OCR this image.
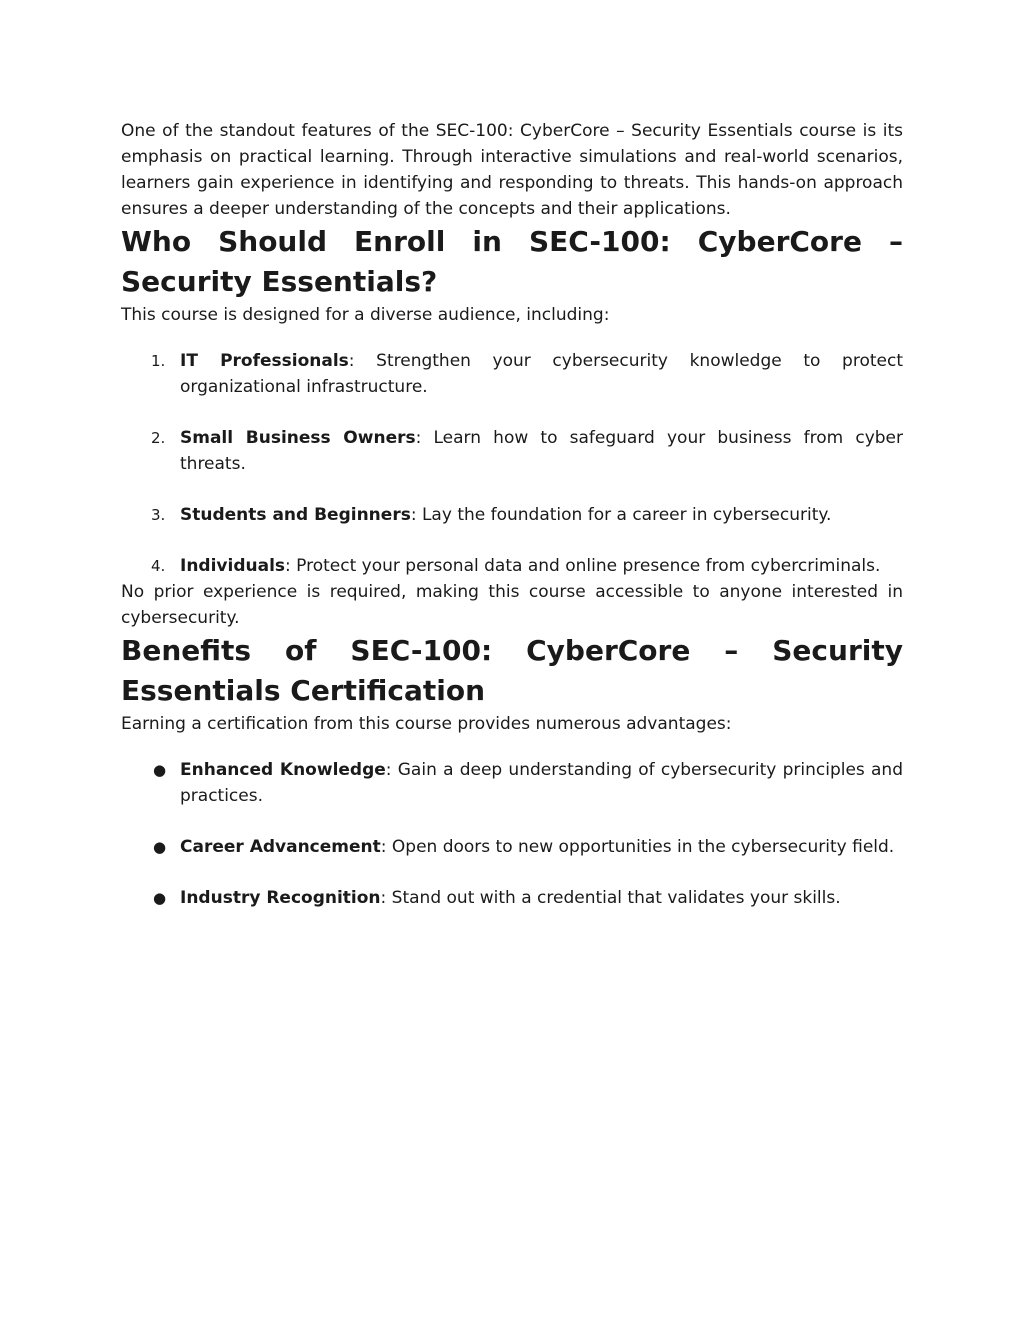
One of the standout features of the SEC-100: CyberCore – Security Essentials course is its emphasis on practical learning. Through interactive simulations and real-world scenarios, learners gain experience in identifying and responding to threats. This hands-on approach ensures a deeper understanding of the concepts and their applications.

Who Should Enroll in SEC-100: CyberCore – Security Essentials?

This course is designed for a diverse audience, including:

1. IT Professionals: Strengthen your cybersecurity knowledge to protect organizational infrastructure.
2. Small Business Owners: Learn how to safeguard your business from cyber threats.
3. Students and Beginners: Lay the foundation for a career in cybersecurity.
4. Individuals: Protect your personal data and online presence from cybercriminals.

No prior experience is required, making this course accessible to anyone interested in cybersecurity.

Benefits of SEC-100: CyberCore – Security Essentials Certification

Earning a certification from this course provides numerous advantages:

● Enhanced Knowledge: Gain a deep understanding of cybersecurity principles and practices.
● Career Advancement: Open doors to new opportunities in the cybersecurity field.
● Industry Recognition: Stand out with a credential that validates your skills.
